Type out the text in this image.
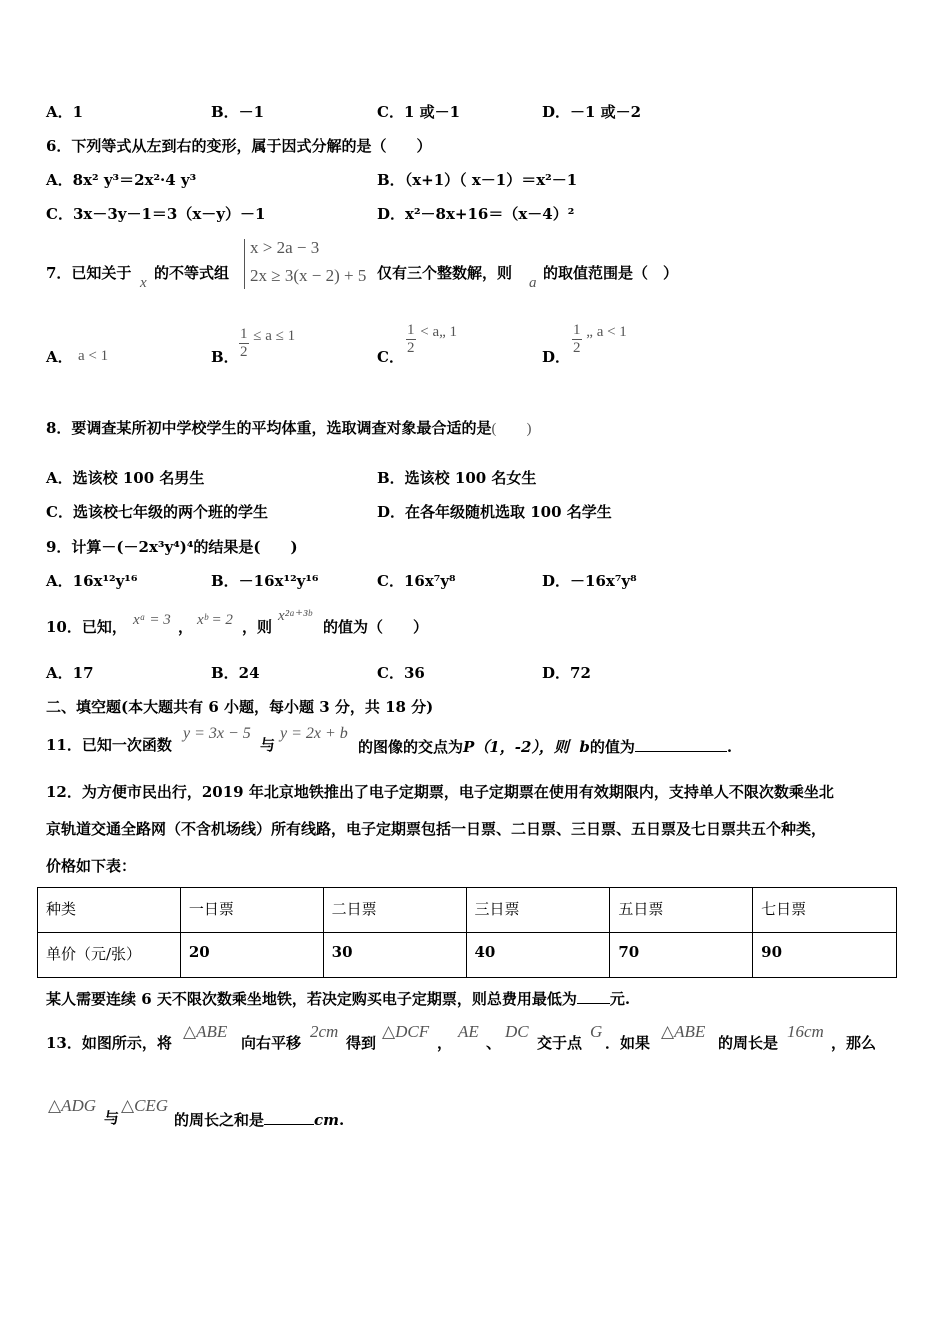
A．1	B．－1	C．1 或－1	D．－1 或－2
6．下列等式从左到右的变形，属于因式分解的是（　　）
A．8x² y³＝2x²·4 y³	B．（x+1）（ x－1）＝x²－1
C．3x－3y－1＝3（x－y）－1	D．x²－8x+16＝（x－4）²
7．已知关于
x
的不等式组
x > 2a − 3
2x ≥ 3(x − 2) + 5 仅有三个整数解，则
a
的取值范围是（　）
A． a < 1	B． $\frac{1}{2} \le a \le 1$
C． $\frac{1}{2}$ < a„ 1
D． $\frac{1}{2}$ „ a < 1
8．要调查某所初中学校学生的平均体重，选取调查对象最合适的是(　　)
A．选该校 100 名男生	B．选该校 100 名女生
C．选该校七年级的两个班的学生	D．在各年级随机选取 100 名学生
9．计算－(－2x³y⁴)⁴的结果是(　　)
A．16x¹²y¹⁶	B．－16x¹²y¹⁶	C．16x⁷y⁸	D．－16x⁷y⁸
10．已知， xᵃ = 3 ， xᵇ = 2 ，则
x²ᵃ⁺³ᵇ
的值为（　　）
A．17	B．24	C．36	D．72
二、填空题(本大题共有 6 小题，每小题 3 分，共 18 分)
11．已知一次函数
y = 3x − 5
与
y = 2x + b
的图像的交点为P（1，-2），则 b的值为	.
12．为方便市民出行，2019 年北京地铁推出了电子定期票，电子定期票在使用有效期限内，支持单人不限次数乘坐北
京轨道交通全路网（不含机场线）所有线路，电子定期票包括一日票、二日票、三日票、五日票及七日票共五个种类，
价格如下表：
种类	一日票	二日票	三日票	五日票	七日票
单价（元/张）	20	30	40	70	90
某人需要连续 6 天不限次数乘坐地铁，若决定购买电子定期票，则总费用最低为 元.
13．如图所示，将
△ABE
向右平移
2cm
得到
△DCF
，
AE
、
DC
交于点
G
．如果
△ABE
的周长是
16cm
，那么
△ADG
与
△CEG
的周长之和是	cm.
